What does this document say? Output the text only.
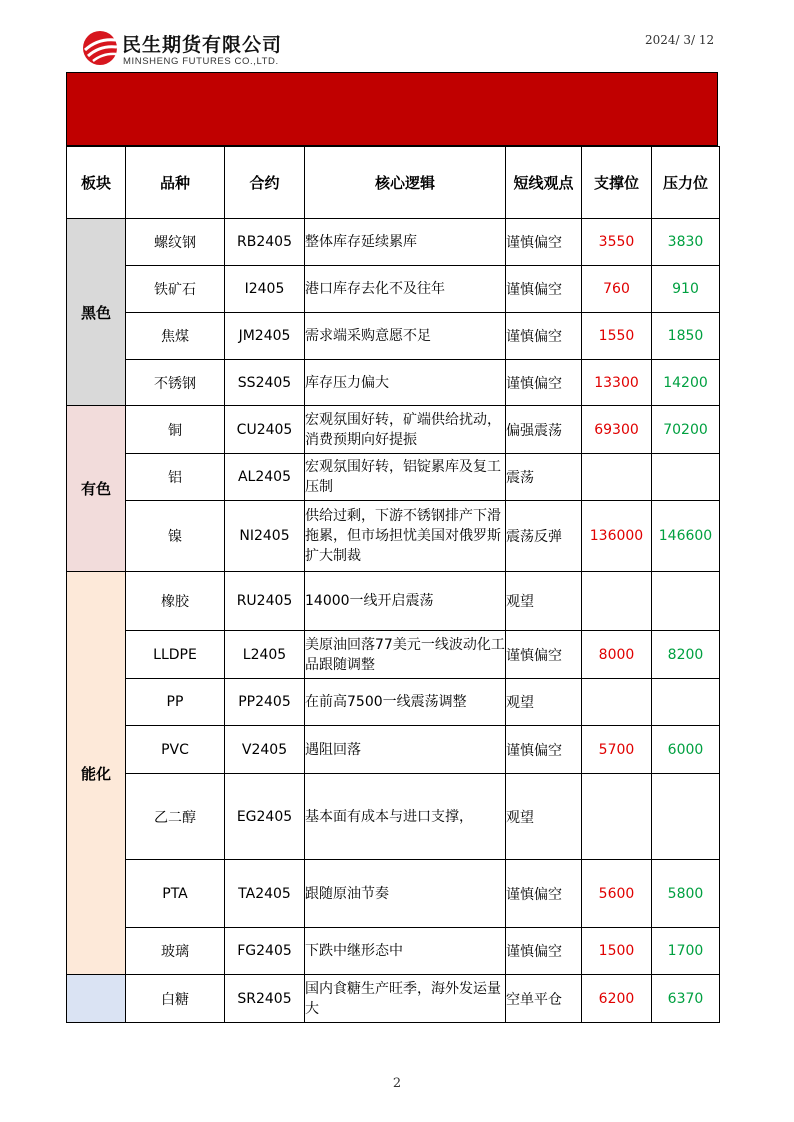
民生期货有限公司
MINSHENG FUTURES CO.,LTD.
2024/ 3/ 12
板块	品种	合约	核心逻辑	短线观点	支撑位	压力位
黑色	螺纹钢	RB2405	整体库存延续累库	谨慎偏空	3550	3830
	铁矿石	I2405	港口库存去化不及往年	谨慎偏空	760	910
	焦煤	JM2405	需求端采购意愿不足	谨慎偏空	1550	1850
	不锈钢	SS2405	库存压力偏大	谨慎偏空	13300	14200
有色	铜	CU2405	宏观氛围好转，矿端供给扰动，消费预期向好提振	偏强震荡	69300	70200
	铝	AL2405	宏观氛围好转，铝锭累库及复工压制	震荡		
	镍	NI2405	供给过剩，下游不锈钢排产下滑拖累，但市场担忧美国对俄罗斯扩大制裁	震荡反弹	136000	146600
能化	橡胶	RU2405	14000一线开启震荡	观望		
	LLDPE	L2405	美原油回落77美元一线波动化工品跟随调整	谨慎偏空	8000	8200
	PP	PP2405	在前高7500一线震荡调整	观望		
	PVC	V2405	遇阻回落	谨慎偏空	5700	6000
	乙二醇	EG2405	基本面有成本与进口支撑，	观望		
	PTA	TA2405	跟随原油节奏	谨慎偏空	5600	5800
	玻璃	FG2405	下跌中继形态中	谨慎偏空	1500	1700
	白糖	SR2405	国内食糖生产旺季，海外发运量大	空单平仓	6200	6370
2
